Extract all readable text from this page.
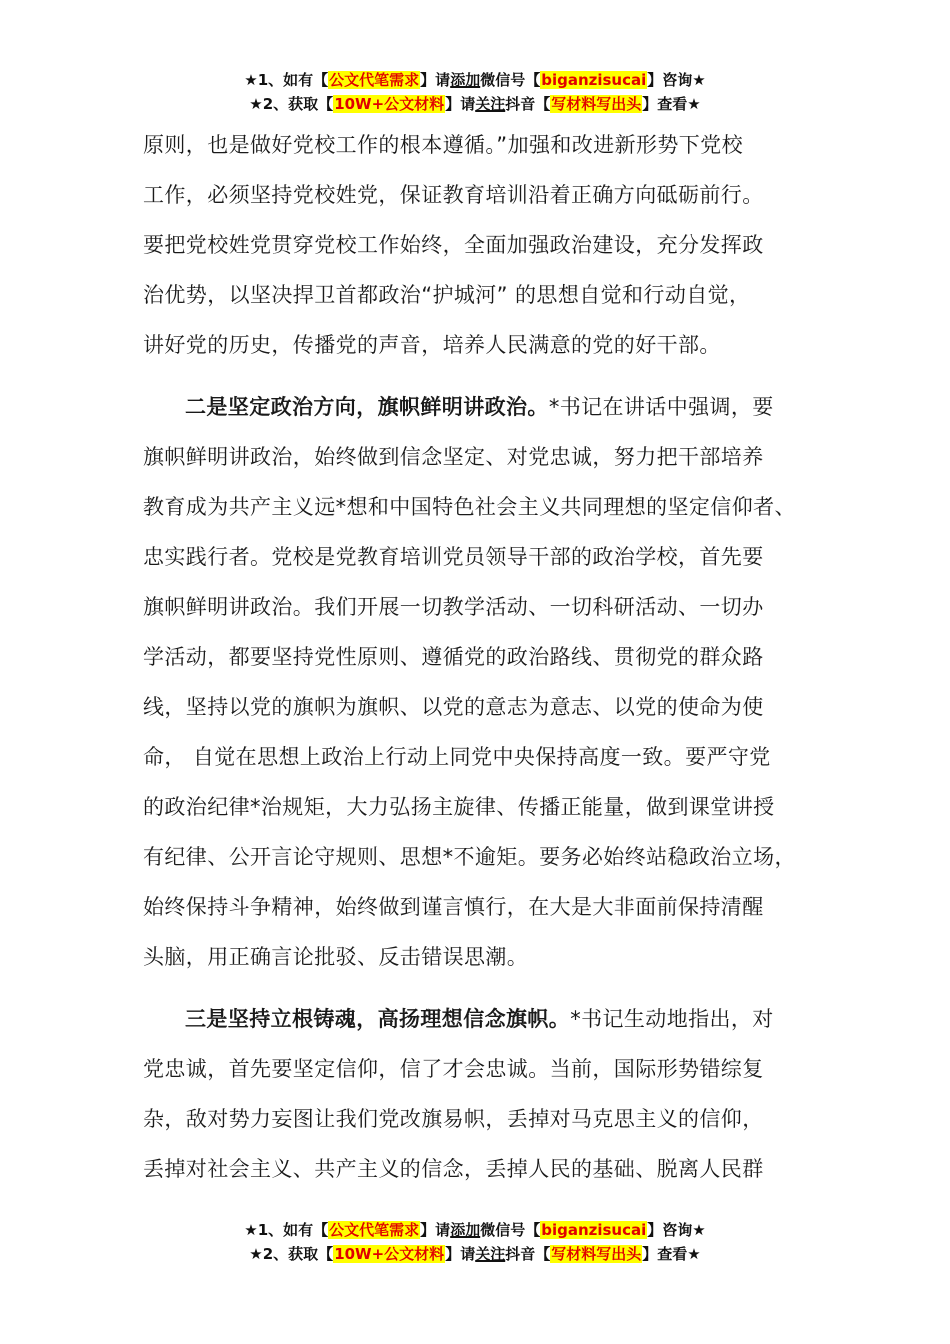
★1、如有【公文代笔需求】请添加微信号【biganzisucai】咨询★
★2、获取【10W+公文材料】请关注抖音【写材料写出头】查看★

原则，也是做好党校工作的根本遵循。”加强和改进新形势下党校

工作，必须坚持党校姓党，保证教育培训沿着正确方向砥砺前行。

要把党校姓党贯穿党校工作始终，全面加强政治建设，充分发挥政

治优势，以坚决捍卫首都政治“护城河” 的思想自觉和行动自觉，

讲好党的历史，传播党的声音，培养人民满意的党的好干部。

二是坚定政治方向，旗帜鲜明讲政治。*书记在讲话中强调，要

旗帜鲜明讲政治，始终做到信念坚定、对党忠诚，努力把干部培养

教育成为共产主义远*想和中国特色社会主义共同理想的坚定信仰者、

忠实践行者。党校是党教育培训党员领导干部的政治学校，首先要

旗帜鲜明讲政治。我们开展一切教学活动、一切科研活动、一切办

学活动，都要坚持党性原则、遵循党的政治路线、贯彻党的群众路

线，坚持以党的旗帜为旗帜、以党的意志为意志、以党的使命为使

命， 自觉在思想上政治上行动上同党中央保持高度一致。要严守党

的政治纪律*治规矩，大力弘扬主旋律、传播正能量，做到课堂讲授

有纪律、公开言论守规则、思想*不逾矩。要务必始终站稳政治立场，

始终保持斗争精神，始终做到谨言慎行，在大是大非面前保持清醒

头脑，用正确言论批驳、反击错误思潮。

三是坚持立根铸魂，高扬理想信念旗帜。*书记生动地指出，对

党忠诚，首先要坚定信仰，信了才会忠诚。当前，国际形势错综复

杂，敌对势力妄图让我们党改旗易帜，丢掉对马克思主义的信仰，

丢掉对社会主义、共产主义的信念，丢掉人民的基础、脱离人民群

★1、如有【公文代笔需求】请添加微信号【biganzisucai】咨询★
★2、获取【10W+公文材料】请关注抖音【写材料写出头】查看★
